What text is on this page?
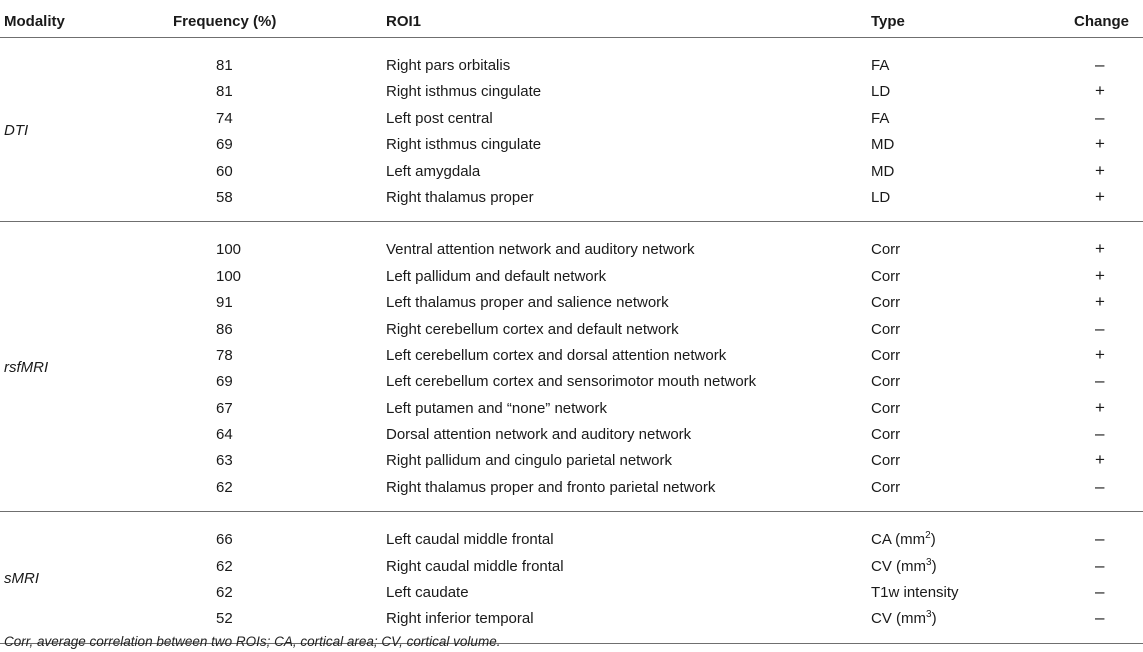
Modality	Frequency (%)	ROI1	Type	Change
DTI
81	Right pars orbitalis	FA	–
81	Right isthmus cingulate	LD	+
74	Left post central	FA	–
69	Right isthmus cingulate	MD	+
60	Left amygdala	MD	+
58	Right thalamus proper	LD	+
rsfMRI
100	Ventral attention network and auditory network	Corr	+
100	Left pallidum and default network	Corr	+
91	Left thalamus proper and salience network	Corr	+
86	Right cerebellum cortex and default network	Corr	–
78	Left cerebellum cortex and dorsal attention network	Corr	+
69	Left cerebellum cortex and sensorimotor mouth network	Corr	–
67	Left putamen and “none” network	Corr	+
64	Dorsal attention network and auditory network	Corr	–
63	Right pallidum and cingulo parietal network	Corr	+
62	Right thalamus proper and fronto parietal network	Corr	–
sMRI
66	Left caudal middle frontal	CA $(mm^2)$	–
62	Right caudal middle frontal	CV $(mm^3)$	–
62	Left caudate	T1w intensity	–
52	Right inferior temporal	CV $(mm^3)$	–
Corr, average correlation between two ROIs; CA, cortical area; CV, cortical volume.
